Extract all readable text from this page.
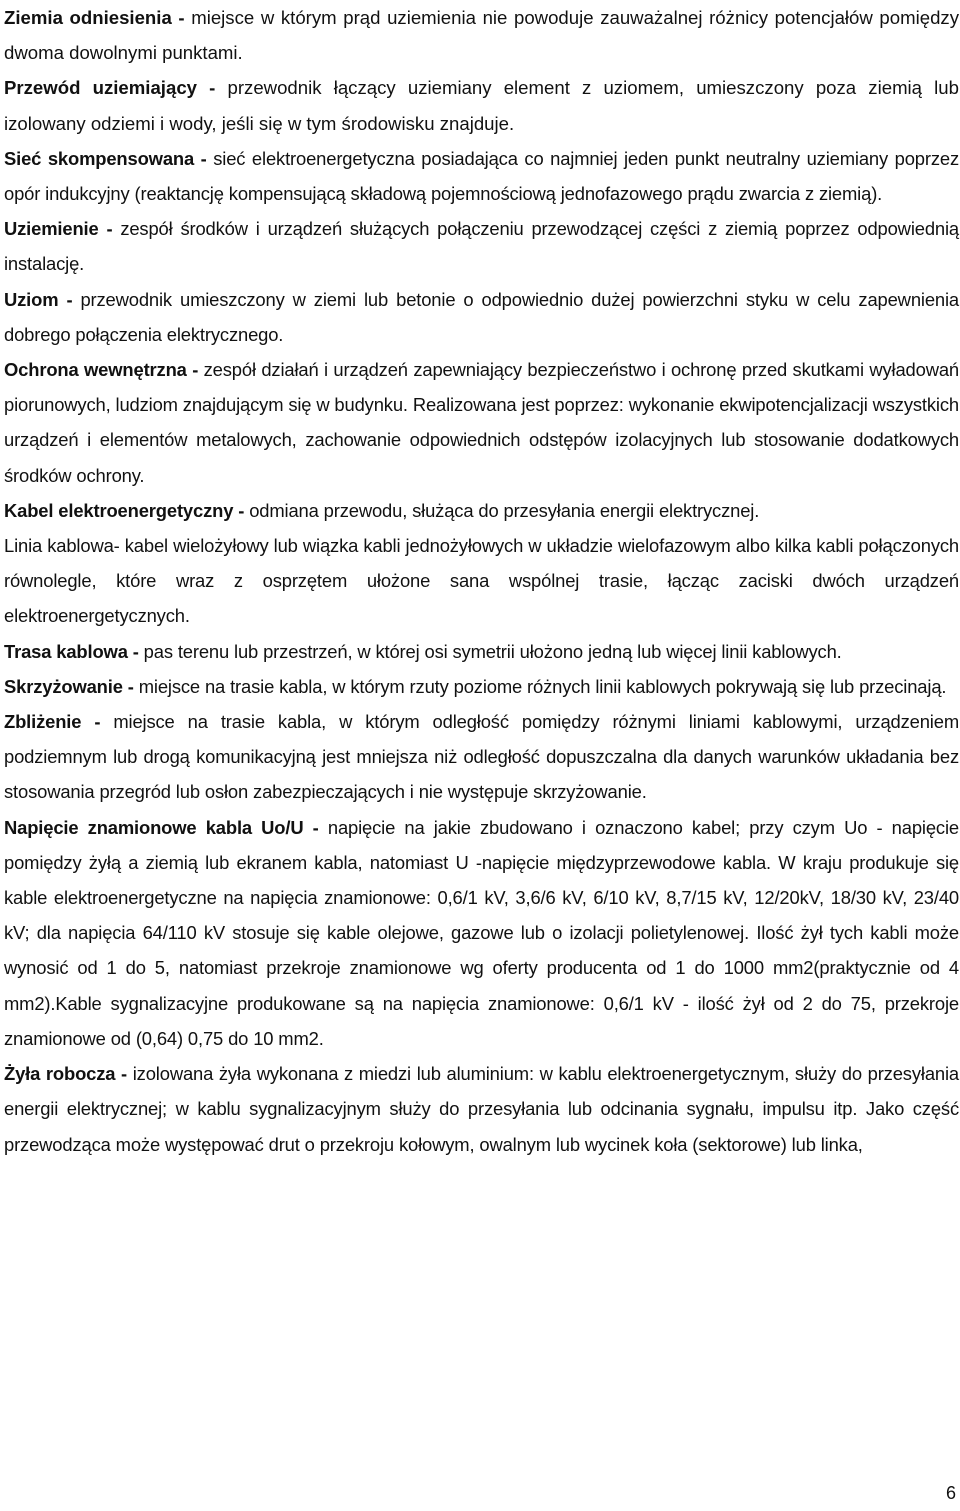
Ziemia odniesienia - miejsce w którym prąd uziemienia nie powoduje zauważalnej różnicy potencjałów pomiędzy dwoma dowolnymi punktami.

Przewód uziemiający - przewodnik łączący uziemiany element z uziomem, umieszczony poza ziemią lub izolowany odziemi i wody, jeśli się w tym środowisku znajduje.

Sieć skompensowana - sieć elektroenergetyczna posiadająca co najmniej jeden punkt neutralny uziemiany poprzez opór indukcyjny (reaktancję kompensującą składową pojemnościową jednofazowego prądu zwarcia z ziemią).

Uziemienie - zespół środków i urządzeń służących połączeniu przewodzącej części z ziemią poprzez odpowiednią instalację.

Uziom - przewodnik umieszczony w ziemi lub betonie o odpowiednio dużej powierzchni styku w celu zapewnienia dobrego połączenia elektrycznego.

Ochrona wewnętrzna - zespół działań i urządzeń zapewniający bezpieczeństwo i ochronę przed skutkami wyładowań piorunowych, ludziom znajdującym się w budynku. Realizowana jest poprzez: wykonanie ekwipotencjalizacji wszystkich urządzeń i elementów metalowych, zachowanie odpowiednich odstępów izolacyjnych lub stosowanie dodatkowych środków ochrony.

Kabel elektroenergetyczny - odmiana przewodu, służąca do przesyłania energii elektrycznej.

Linia kablowa- kabel wielożyłowy lub wiązka kabli jednożyłowych w układzie wielofazowym albo kilka kabli połączonych równolegle, które wraz z osprzętem ułożone sana wspólnej trasie, łącząc zaciski dwóch urządzeń elektroenergetycznych.

Trasa kablowa - pas terenu lub przestrzeń, w której osi symetrii ułożono jedną lub więcej linii kablowych.

Skrzyżowanie - miejsce na trasie kabla, w którym rzuty poziome różnych linii kablowych pokrywają się lub przecinają.

Zbliżenie - miejsce na trasie kabla, w którym odległość pomiędzy różnymi liniami kablowymi, urządzeniem podziemnym lub drogą komunikacyjną jest mniejsza niż odległość dopuszczalna dla danych warunków układania bez stosowania przegród lub osłon zabezpieczających i nie występuje skrzyżowanie.

Napięcie znamionowe kabla Uo/U - napięcie na jakie zbudowano i oznaczono kabel; przy czym Uo - napięcie pomiędzy żyłą a ziemią lub ekranem kabla, natomiast U -napięcie międzyprzewodowe kabla. W kraju produkuje się kable elektroenergetyczne na napięcia znamionowe: 0,6/1 kV, 3,6/6 kV, 6/10 kV, 8,7/15 kV, 12/20kV, 18/30 kV, 23/40 kV; dla napięcia 64/110 kV stosuje się kable olejowe, gazowe lub o izolacji polietylenowej. Ilość żył tych kabli może wynosić od 1 do 5, natomiast przekroje znamionowe wg oferty producenta od 1 do 1000 mm2(praktycznie od 4 mm2).Kable sygnalizacyjne produkowane są na napięcia znamionowe: 0,6/1 kV - ilość żył od 2 do 75, przekroje znamionowe od (0,64) 0,75 do 10 mm2.

Żyła robocza - izolowana żyła wykonana z miedzi lub aluminium: w kablu elektroenergetycznym, służy do przesyłania energii elektrycznej; w kablu sygnalizacyjnym służy do przesyłania lub odcinania sygnału, impulsu itp. Jako część przewodząca może występować drut o przekroju kołowym, owalnym lub wycinek koła (sektorowe) lub linka,

6
